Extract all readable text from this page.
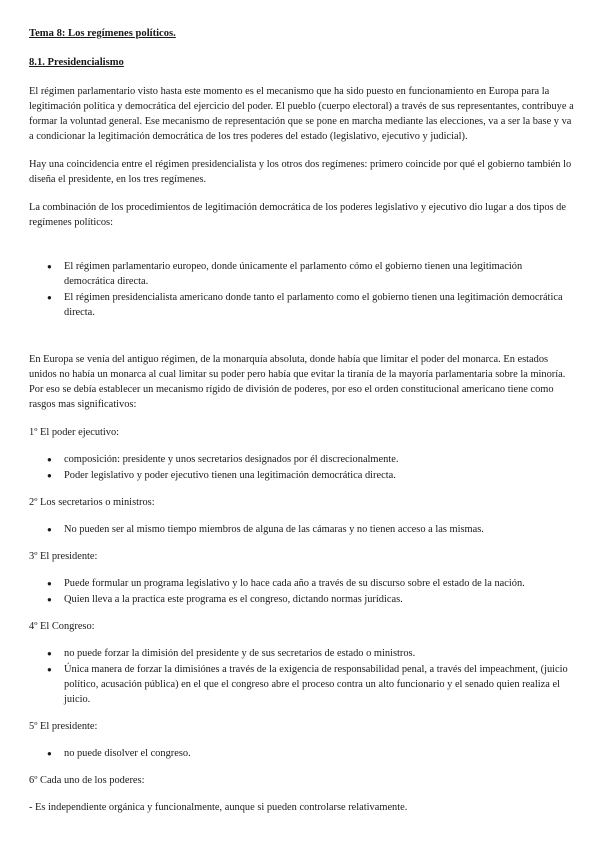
Tema 8: Los regímenes políticos.
8.1. Presidencialismo

El régimen parlamentario visto hasta este momento es el mecanismo que ha sido puesto en funcionamiento en Europa para la legitimación política y democrática del ejercicio del poder. El pueblo (cuerpo electoral) a través de sus representantes, contribuye a formar la voluntad general. Ese mecanismo de representación que se pone en marcha mediante las elecciones, va a ser la base y va a condicionar la legitimación democrática de los tres poderes del estado (legislativo, ejecutivo y judicial).

Hay una coincidencia entre el régimen presidencialista y los otros dos regímenes: primero coincide por qué el gobierno también lo diseña el presidente, en los tres regímenes.

La combinación de los procedimientos de legitimación democrática de los poderes legislativo y ejecutivo dio lugar a dos tipos de regímenes políticos:

● El régimen parlamentario europeo, donde únicamente el parlamento cómo el gobierno tienen una legitimación democrática directa.
● El régimen presidencialista americano donde tanto el parlamento como el gobierno tienen una legitimación democrática directa.

En Europa se venía del antiguo régimen, de la monarquía absoluta, donde había que limitar el poder del monarca. En estados unidos no había un monarca al cual limitar su poder pero había que evitar la tiranía de la mayoría parlamentaria sobre la minoría. Por eso se debía establecer un mecanismo rígido de división de poderes, por eso el orden constitucional americano tiene como rasgos mas significativos:

1º El poder ejecutivo:
● composición: presidente y unos secretarios designados por él discrecionalmente.
● Poder legislativo y poder ejecutivo tienen una legitimación democrática directa.
2º Los secretarios o ministros:
● No pueden ser al mismo tiempo miembros de alguna de las cámaras y no tienen acceso a las mismas.
3º El presidente:
● Puede formular un programa legislativo y lo hace cada año a través de su discurso sobre el estado de la nación.
● Quien lleva a la practica este programa es el congreso, dictando normas jurídicas.
4º El Congreso:
● no puede forzar la dimisión del presidente y de sus secretarios de estado o ministros.
● Única manera de forzar la dimisiónes a través de la exigencia de responsabilidad penal, a través del impeachment, (juicio político, acusación pública) en el que el congreso abre el proceso contra un alto funcionario y el senado quien realiza el juicio.
5º El presidente:
● no puede disolver el congreso.
6º Cada uno de los poderes:

- Es independiente orgánica y funcionalmente, aunque si pueden controlarse relativamente.
